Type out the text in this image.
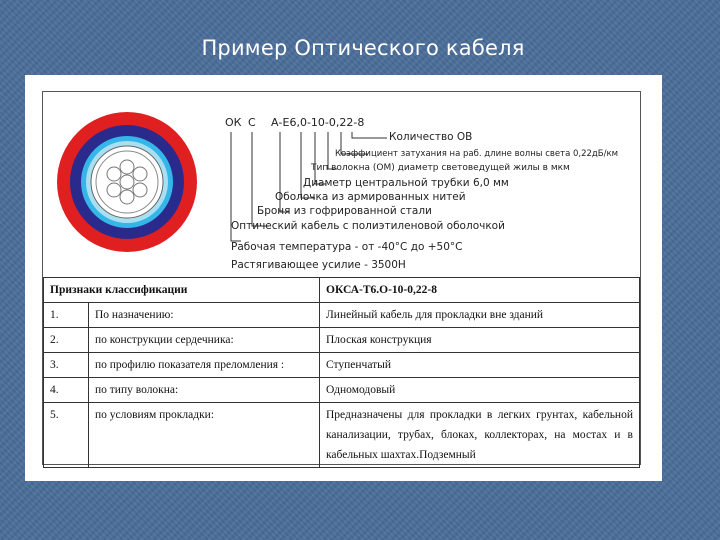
Пример Оптического кабеля
ОК С А-Е6,0-10-0,22-8
Количество ОВ
Коэффициент затухания на раб. длине волны света 0,22дБ/км
Тип волокна (ОМ) диаметр световедущей жилы в мкм
Диаметр центральной трубки 6,0 мм
Оболочка из армированных нитей
Броня из гофрированной стали
Оптический кабель с полиэтиленовой оболочкой
Рабочая температура - от -40°С до +50°С
Растягивающее усилие - 3500Н
Признаки классификации		ОКСА-Т6.О-10-0,22-8
1.	По назначению:	Линейный кабель для прокладки вне зданий
2.	по конструкции сердечника:	Плоская конструкция
3.	по профилю показателя преломления :	Ступенчатый
4.	по типу волокна:	Одномодовый
5.	по условиям прокладки:	Предназначены для прокладки в легких грунтах, кабельной канализации, трубах, блоках, коллекторах, на мостах и в кабельных шахтах.Подземный
